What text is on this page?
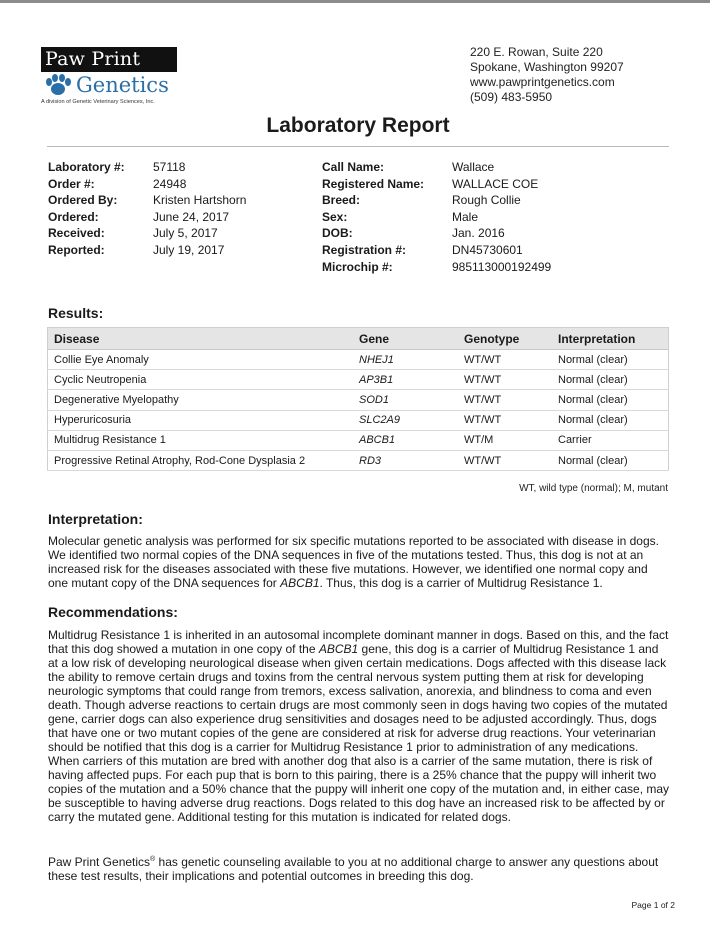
Paw Print
Genetics
A division of Genetic Veterinary Sciences, Inc.
220 E. Rowan, Suite 220
Spokane, Washington 99207
www.pawprintgenetics.com
(509) 483-5950
Laboratory Report
Laboratory #:	57118
Order #:	24948
Ordered By:	Kristen Hartshorn
Ordered:	June 24, 2017
Received:	July 5, 2017
Reported:	July 19, 2017
Call Name:	Wallace
Registered Name:	WALLACE COE
Breed:	Rough Collie
Sex:	Male
DOB:	Jan. 2016
Registration #:	DN45730601
Microchip #:	985113000192499
Results:
Disease	Gene	Genotype	Interpretation
Collie Eye Anomaly	NHEJ1	WT/WT	Normal (clear)
Cyclic Neutropenia	AP3B1	WT/WT	Normal (clear)
Degenerative Myelopathy	SOD1	WT/WT	Normal (clear)
Hyperuricosuria	SLC2A9	WT/WT	Normal (clear)
Multidrug Resistance 1	ABCB1	WT/M	Carrier
Progressive Retinal Atrophy, Rod-Cone Dysplasia 2	RD3	WT/WT	Normal (clear)
WT, wild type (normal); M, mutant
Interpretation:
Molecular genetic analysis was performed for six specific mutations reported to be associated with disease in dogs. We identified two normal copies of the DNA sequences in five of the mutations tested. Thus, this dog is not at an increased risk for the diseases associated with these five mutations. However, we identified one normal copy and one mutant copy of the DNA sequences for ABCB1. Thus, this dog is a carrier of Multidrug Resistance 1.
Recommendations:
Multidrug Resistance 1 is inherited in an autosomal incomplete dominant manner in dogs. Based on this, and the fact that this dog showed a mutation in one copy of the ABCB1 gene, this dog is a carrier of Multidrug Resistance 1 and at a low risk of developing neurological disease when given certain medications. Dogs affected with this disease lack the ability to remove certain drugs and toxins from the central nervous system putting them at risk for developing neurologic symptoms that could range from tremors, excess salivation, anorexia, and blindness to coma and even death. Though adverse reactions to certain drugs are most commonly seen in dogs having two copies of the mutated gene, carrier dogs can also experience drug sensitivities and dosages need to be adjusted accordingly. Thus, dogs that have one or two mutant copies of the gene are considered at risk for adverse drug reactions. Your veterinarian should be notified that this dog is a carrier for Multidrug Resistance 1 prior to administration of any medications. When carriers of this mutation are bred with another dog that also is a carrier of the same mutation, there is risk of having affected pups. For each pup that is born to this pairing, there is a 25% chance that the puppy will inherit two copies of the mutation and a 50% chance that the puppy will inherit one copy of the mutation and, in either case, may be susceptible to having adverse drug reactions. Dogs related to this dog have an increased risk to be affected by or carry the mutated gene. Additional testing for this mutation is indicated for related dogs.
Paw Print Genetics® has genetic counseling available to you at no additional charge to answer any questions about these test results, their implications and potential outcomes in breeding this dog.
Page 1 of 2
